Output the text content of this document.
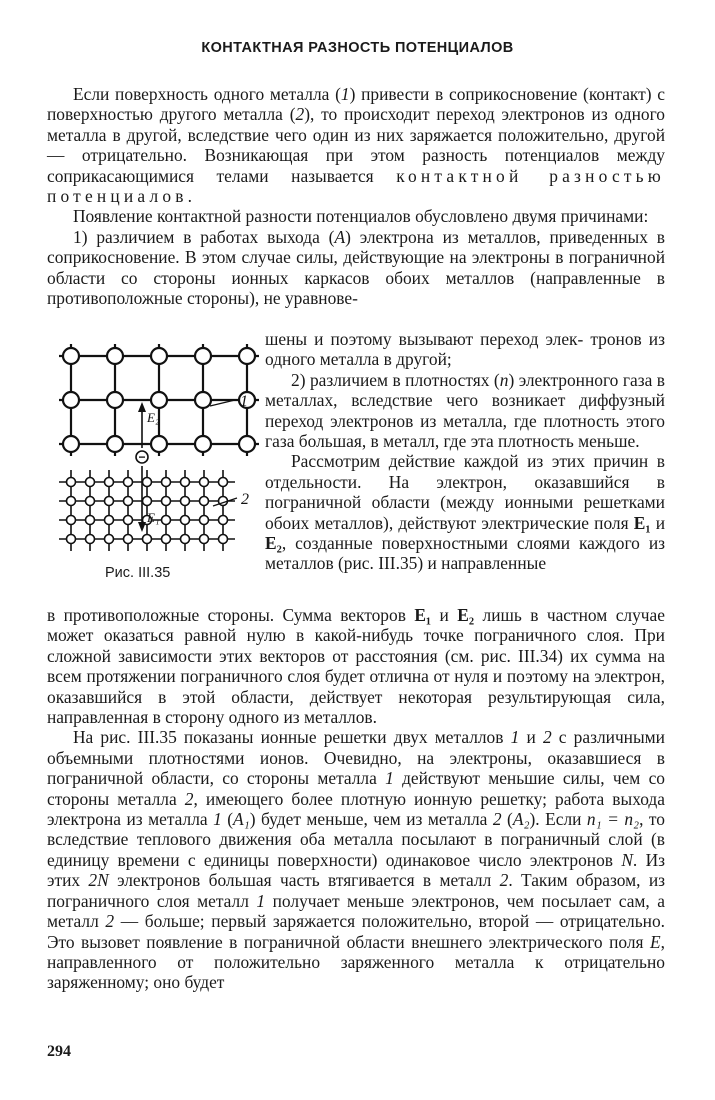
КОНТАКТНАЯ РАЗНОСТЬ ПОТЕНЦИАЛОВ

Если поверхность одного металла (1) привести в соприкосновение (контакт) с поверхностью другого металла (2), то происходит переход электронов из одного металла в другой, вследствие чего один из них заряжается положительно, другой — отрицательно. Возникающая при этом разность потенциалов между соприкасающимися телами называется контактной разностью потенциалов.

Появление контактной разности потенциалов обусловлено двумя причинами:

1) различием в работах выхода (A) электрона из металлов, приведенных в соприкосновение. В этом случае силы, действующие на электроны в пограничной области со стороны ионных каркасов обоих металлов (направленные в противоположные стороны), не уравнове-

1
2
E₂
−
E₁
Рис. III.35

шены и поэтому вызывают переход элек- тронов из одного металла в другой;

2) различием в плотностях (n) электронного газа в металлах, вследствие чего возникает диффузный переход электронов из металла, где плотность этого газа большая, в металл, где эта плотность меньше.

Рассмотрим действие каждой из этих причин в отдельности. На электрон, оказавшийся в пограничной области (между ионными решетками обоих металлов), действуют электрические поля E₁ и E₂, созданные поверхностными слоями каждого из металлов (рис. III.35) и направленные

в противоположные стороны. Сумма векторов E₁ и E₂ лишь в частном случае может оказаться равной нулю в какой-нибудь точке пограничного слоя. При сложной зависимости этих векторов от расстояния (см. рис. III.34) их сумма на всем протяжении пограничного слоя будет отлична от нуля и поэтому на электрон, оказавшийся в этой области, действует некоторая результирующая сила, направленная в сторону одного из металлов.

На рис. III.35 показаны ионные решетки двух металлов 1 и 2 с различными объемными плотностями ионов. Очевидно, на электроны, оказавшиеся в пограничной области, со стороны металла 1 действуют меньшие силы, чем со стороны металла 2, имеющего более плотную ионную решетку; работа выхода электрона из металла 1 (A₁) будет меньше, чем из металла 2 (A₂). Если n₁ = n₂, то вследствие теплового движения оба металла посылают в пограничный слой (в единицу времени с единицы поверхности) одинаковое число электронов N. Из этих 2N электронов большая часть втягивается в металл 2. Таким образом, из пограничного слоя металл 1 получает меньше электронов, чем посылает сам, а металл 2 — больше; первый заряжается положительно, второй — отрицательно. Это вызовет появление в пограничной области внешнего электрического поля E, направленного от положительно заряженного металла к отрицательно заряженному; оно будет

294
